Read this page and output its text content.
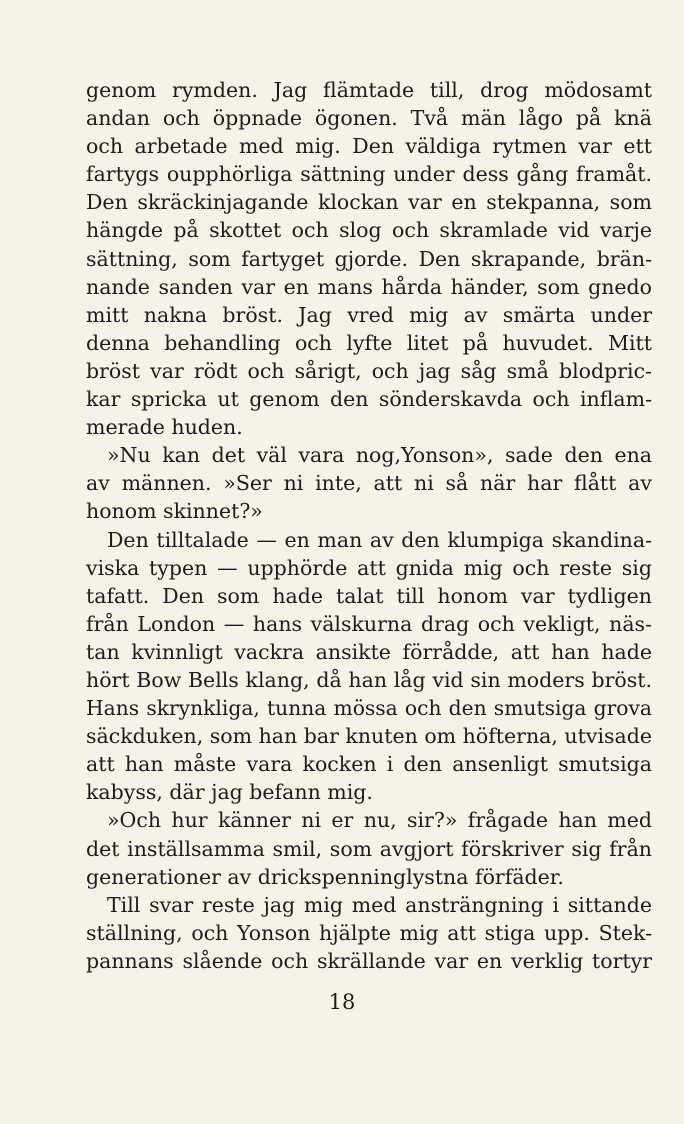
genom rymden. Jag flämtade till, drog mödosamt
andan och öppnade ögonen. Två män lågo på knä
och arbetade med mig. Den väldiga rytmen var ett
fartygs oupphörliga sättning under dess gång framåt.
Den skräckinjagande klockan var en stekpanna, som
hängde på skottet och slog och skramlade vid varje
sättning, som fartyget gjorde. Den skrapande, brän-
nande sanden var en mans hårda händer, som gnedo
mitt nakna bröst. Jag vred mig av smärta under
denna behandling och lyfte litet på huvudet. Mitt
bröst var rödt och sårigt, och jag såg små blodpric-
kar spricka ut genom den sönderskavda och inflam-
merade huden.
»Nu kan det väl vara nog,Yonson», sade den ena
av männen. »Ser ni inte, att ni så när har flått av
honom skinnet?»
Den tilltalade — en man av den klumpiga skandina-
viska typen — upphörde att gnida mig och reste sig
tafatt. Den som hade talat till honom var tydligen
från London — hans välskurna drag och vekligt, näs-
tan kvinnligt vackra ansikte förrådde, att han hade
hört Bow Bells klang, då han låg vid sin moders bröst.
Hans skrynkliga, tunna mössa och den smutsiga grova
säckduken, som han bar knuten om höfterna, utvisade
att han måste vara kocken i den ansenligt smutsiga
kabyss, där jag befann mig.
»Och hur känner ni er nu, sir?» frågade han med
det inställsamma smil, som avgjort förskriver sig från
generationer av drickspenninglystna förfäder.
Till svar reste jag mig med ansträngning i sittande
ställning, och Yonson hjälpte mig att stiga upp. Stek-
pannans slående och skrällande var en verklig tortyr
18
